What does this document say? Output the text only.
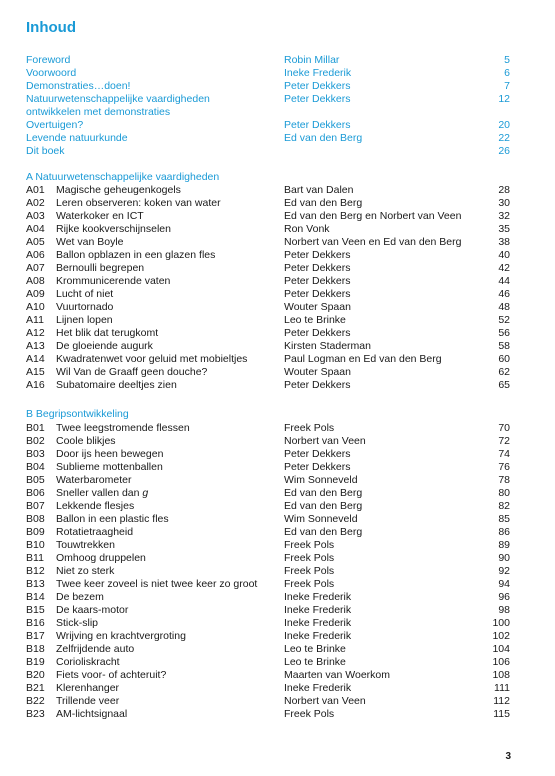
Inhoud
Foreword	Robin Millar	5
Voorwoord	Ineke Frederik	6
Demonstraties…doen!	Peter Dekkers	7
Natuurwetenschappelijke vaardigheden
ontwikkelen met demonstraties
Peter Dekkers	12
Overtuigen?	Peter Dekkers	20
Levende natuurkunde	Ed van den Berg	22
Dit boek	26
A Natuurwetenschappelijke vaardigheden
A01 Magische geheugenkogels	Bart van Dalen	28
A02 Leren observeren: koken van water	Ed van den Berg	30
A03 Waterkoker en ICT	Ed van den Berg en Norbert van Veen	32
A04 Rijke kookverschijnselen	Ron Vonk	35
A05 Wet van Boyle	Norbert van Veen en Ed van den Berg	38
A06 Ballon opblazen in een glazen fles	Peter Dekkers	40
A07 Bernoulli begrepen	Peter Dekkers	42
A08 Krommunicerende vaten	Peter Dekkers	44
A09 Lucht of niet	Peter Dekkers	46
A10 Vuurtornado	Wouter Spaan	48
A11 Lijnen lopen	Leo te Brinke	52
A12 Het blik dat terugkomt	Peter Dekkers	56
A13 De gloeiende augurk	Kirsten Staderman	58
A14 Kwadratenwet voor geluid met mobieltjes	Paul Logman en Ed van den Berg	60
A15 Wil Van de Graaff geen douche?	Wouter Spaan	62
A16 Subatomaire deeltjes zien	Peter Dekkers	65
B Begripsontwikkeling
B01 Twee leegstromende flessen	Freek Pols	70
B02 Coole blikjes	Norbert van Veen	72
B03 Door ijs heen bewegen	Peter Dekkers	74
B04 Sublieme mottenballen	Peter Dekkers	76
B05 Waterbarometer	Wim Sonneveld	78
B06 Sneller vallen dan g	Ed van den Berg	80
B07 Lekkende flesjes	Ed van den Berg	82
B08 Ballon in een plastic fles	Wim Sonneveld	85
B09 Rotatietraagheid	Ed van den Berg	86
B10 Touwtrekken	Freek Pols	89
B11 Omhoog druppelen	Freek Pols	90
B12 Niet zo sterk	Freek Pols	92
B13 Twee keer zoveel is niet twee keer zo groot	Freek Pols	94
B14 De bezem	Ineke Frederik	96
B15 De kaars-motor	Ineke Frederik	98
B16 Stick-slip	Ineke Frederik	100
B17 Wrijving en krachtvergroting	Ineke Frederik	102
B18 Zelfrijdende auto	Leo te Brinke	104
B19 Corioliskracht	Leo te Brinke	106
B20 Fiets voor- of achteruit?	Maarten van Woerkom	108
B21 Klerenhanger	Ineke Frederik	111
B22 Trillende veer	Norbert van Veen	112
B23 AM-lichtsignaal	Freek Pols	115
3
